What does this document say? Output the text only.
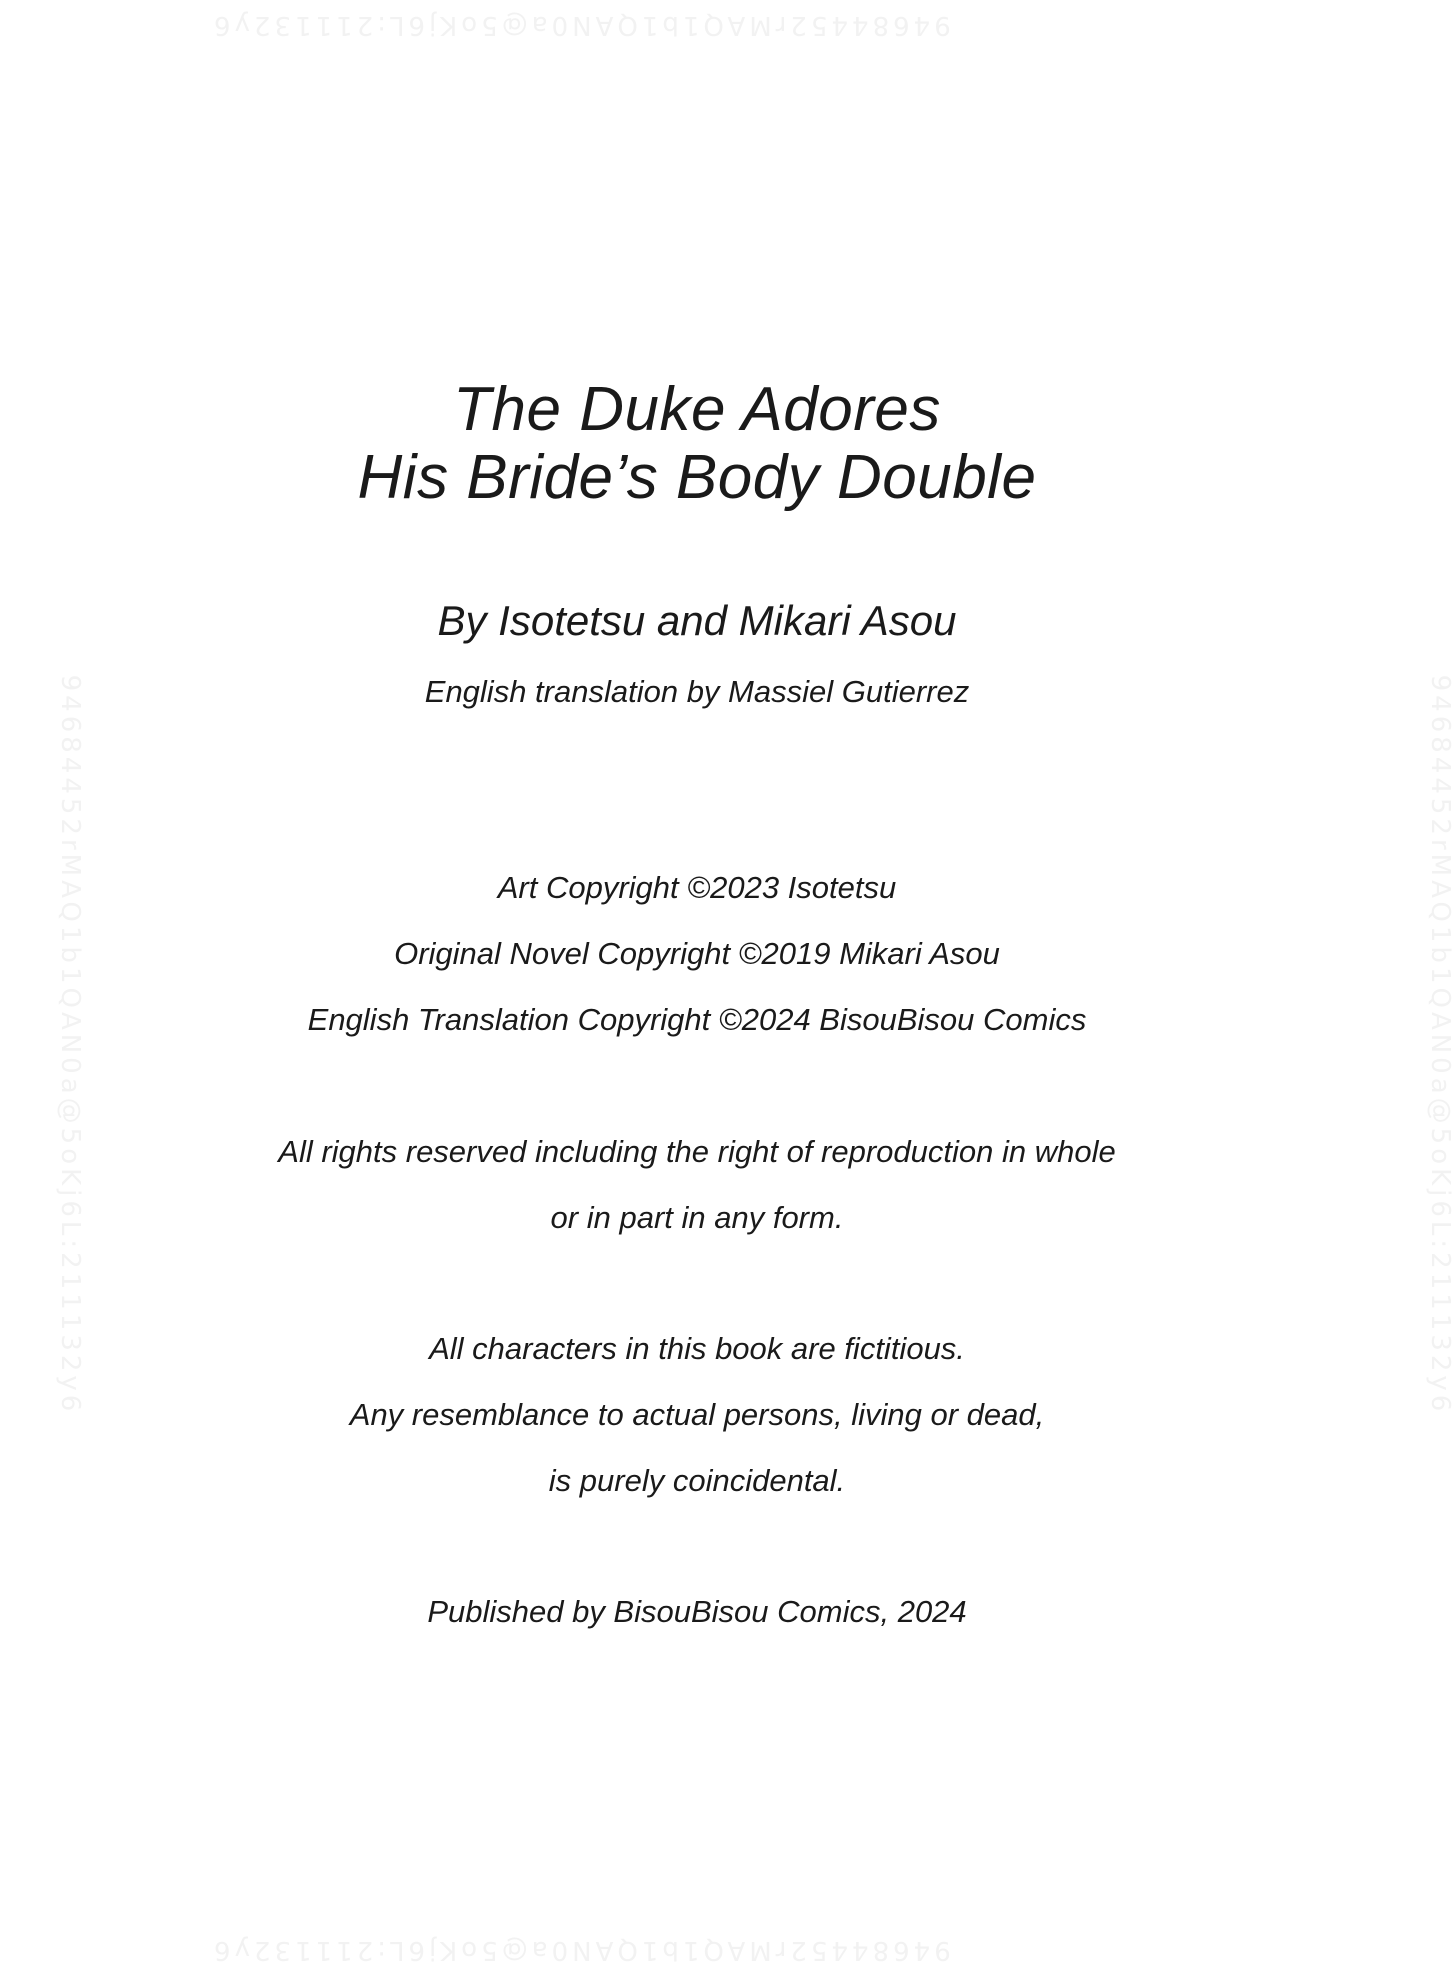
94684452rMAQ1b1QAN0a@5oKj6L:211132y6
94684452rMAQ1b1QAN0a@5oKj6L:211132y6	94684452rMAQ1b1QAN0a@5oKj6L:211132y6
94684452rMAQ1b1QAN0a@5oKj6L:211132y6
The Duke Adores
His Bride’s Body Double
By Isotetsu and Mikari Asou
English translation by Massiel Gutierrez
Art Copyright ©2023 Isotetsu
Original Novel Copyright ©2019 Mikari Asou
English Translation Copyright ©2024 BisouBisou Comics
All rights reserved including the right of reproduction in whole
or in part in any form.
All characters in this book are fictitious.
Any resemblance to actual persons, living or dead,
is purely coincidental.
Published by BisouBisou Comics, 2024
